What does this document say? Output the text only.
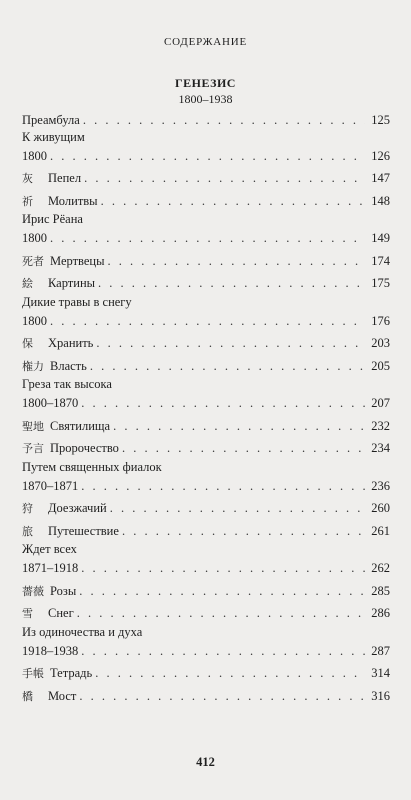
СОДЕРЖАНИЕ
ГЕНЕЗИС
1800–1938
Преамбула . . .	125
К живущим
1800 . . .	126
灰	Пепел . . .	147
祈	Молитвы . . .	148
Ирис Рёана
1800 . . .	149
死者 Мертвецы . . .	174
絵	Картины . . .	175
Дикие травы в снегу
1800 . . .	176
保	Хранить . . .	203
権力 Власть . . .	205
Греза так высока
1800–1870 . . .	207
聖地 Святилища . . .	232
予言 Пророчество . . .	234
Путем священных фиалок
1870–1871 . . .	236
狩	Доезжачий . . .	260
旅	Путешествие . . .	261
Ждет всех
1871–1918 . . .	262
薔薇 Розы . . .	285
雪	Снег . . .	286
Из одиночества и духа
1918–1938 . . .	287
手帳 Тетрадь . . .	314
橋	Мост . . .	316
412
